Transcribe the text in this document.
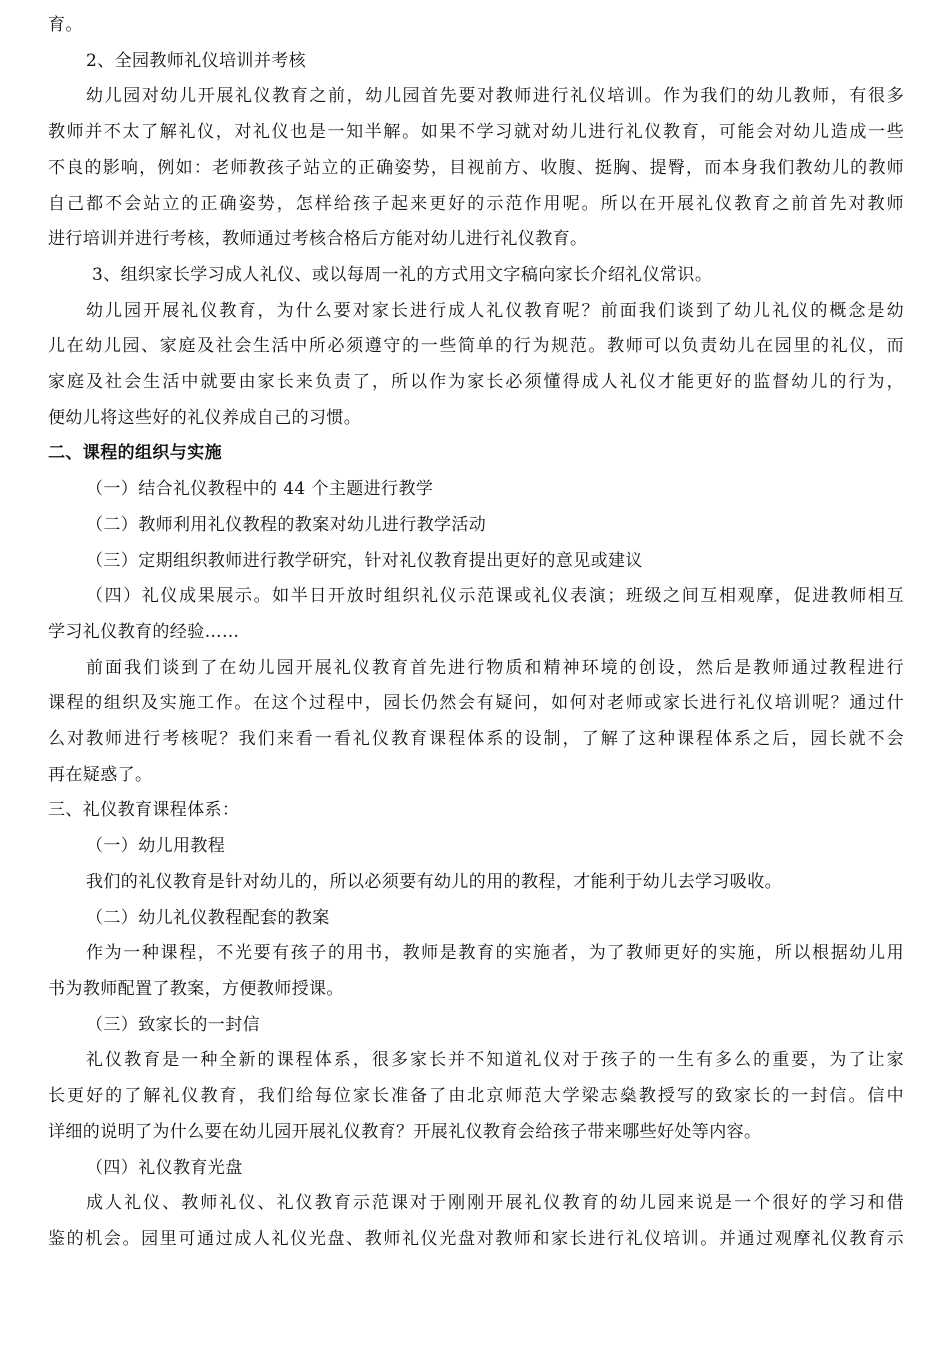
育。
2、全园教师礼仪培训并考核
幼儿园对幼儿开展礼仪教育之前，幼儿园首先要对教师进行礼仪培训。作为我们的幼儿教师，有很多
教师并不太了解礼仪，对礼仪也是一知半解。如果不学习就对幼儿进行礼仪教育，可能会对幼儿造成一些
不良的影响，例如：老师教孩子站立的正确姿势，目视前方、收腹、挺胸、提臀，而本身我们教幼儿的教师
自己都不会站立的正确姿势，怎样给孩子起来更好的示范作用呢。所以在开展礼仪教育之前首先对教师
进行培训并进行考核，教师通过考核合格后方能对幼儿进行礼仪教育。
3、组织家长学习成人礼仪、或以每周一礼的方式用文字稿向家长介绍礼仪常识。
幼儿园开展礼仪教育，为什么要对家长进行成人礼仪教育呢？前面我们谈到了幼儿礼仪的概念是幼
儿在幼儿园、家庭及社会生活中所必须遵守的一些简单的行为规范。教师可以负责幼儿在园里的礼仪，而
家庭及社会生活中就要由家长来负责了，所以作为家长必须懂得成人礼仪才能更好的监督幼儿的行为，
便幼儿将这些好的礼仪养成自己的习惯。
二、课程的组织与实施
（一）结合礼仪教程中的 44 个主题进行教学
（二）教师利用礼仪教程的教案对幼儿进行教学活动
（三）定期组织教师进行教学研究，针对礼仪教育提出更好的意见或建议
（四）礼仪成果展示。如半日开放时组织礼仪示范课或礼仪表演；班级之间互相观摩，促进教师相互
学习礼仪教育的经验……
前面我们谈到了在幼儿园开展礼仪教育首先进行物质和精神环境的创设，然后是教师通过教程进行
课程的组织及实施工作。在这个过程中，园长仍然会有疑问，如何对老师或家长进行礼仪培训呢？通过什
么对教师进行考核呢？我们来看一看礼仪教育课程体系的设制，了解了这种课程体系之后，园长就不会
再在疑惑了。
三、礼仪教育课程体系：
（一）幼儿用教程
我们的礼仪教育是针对幼儿的，所以必须要有幼儿的用的教程，才能利于幼儿去学习吸收。
（二）幼儿礼仪教程配套的教案
作为一种课程，不光要有孩子的用书，教师是教育的实施者，为了教师更好的实施，所以根据幼儿用
书为教师配置了教案，方便教师授课。
（三）致家长的一封信
礼仪教育是一种全新的课程体系，很多家长并不知道礼仪对于孩子的一生有多么的重要，为了让家
长更好的了解礼仪教育，我们给每位家长准备了由北京师范大学梁志燊教授写的致家长的一封信。信中
详细的说明了为什么要在幼儿园开展礼仪教育？开展礼仪教育会给孩子带来哪些好处等内容。
（四）礼仪教育光盘
成人礼仪、教师礼仪、礼仪教育示范课对于刚刚开展礼仪教育的幼儿园来说是一个很好的学习和借
鉴的机会。园里可通过成人礼仪光盘、教师礼仪光盘对教师和家长进行礼仪培训。并通过观摩礼仪教育示
